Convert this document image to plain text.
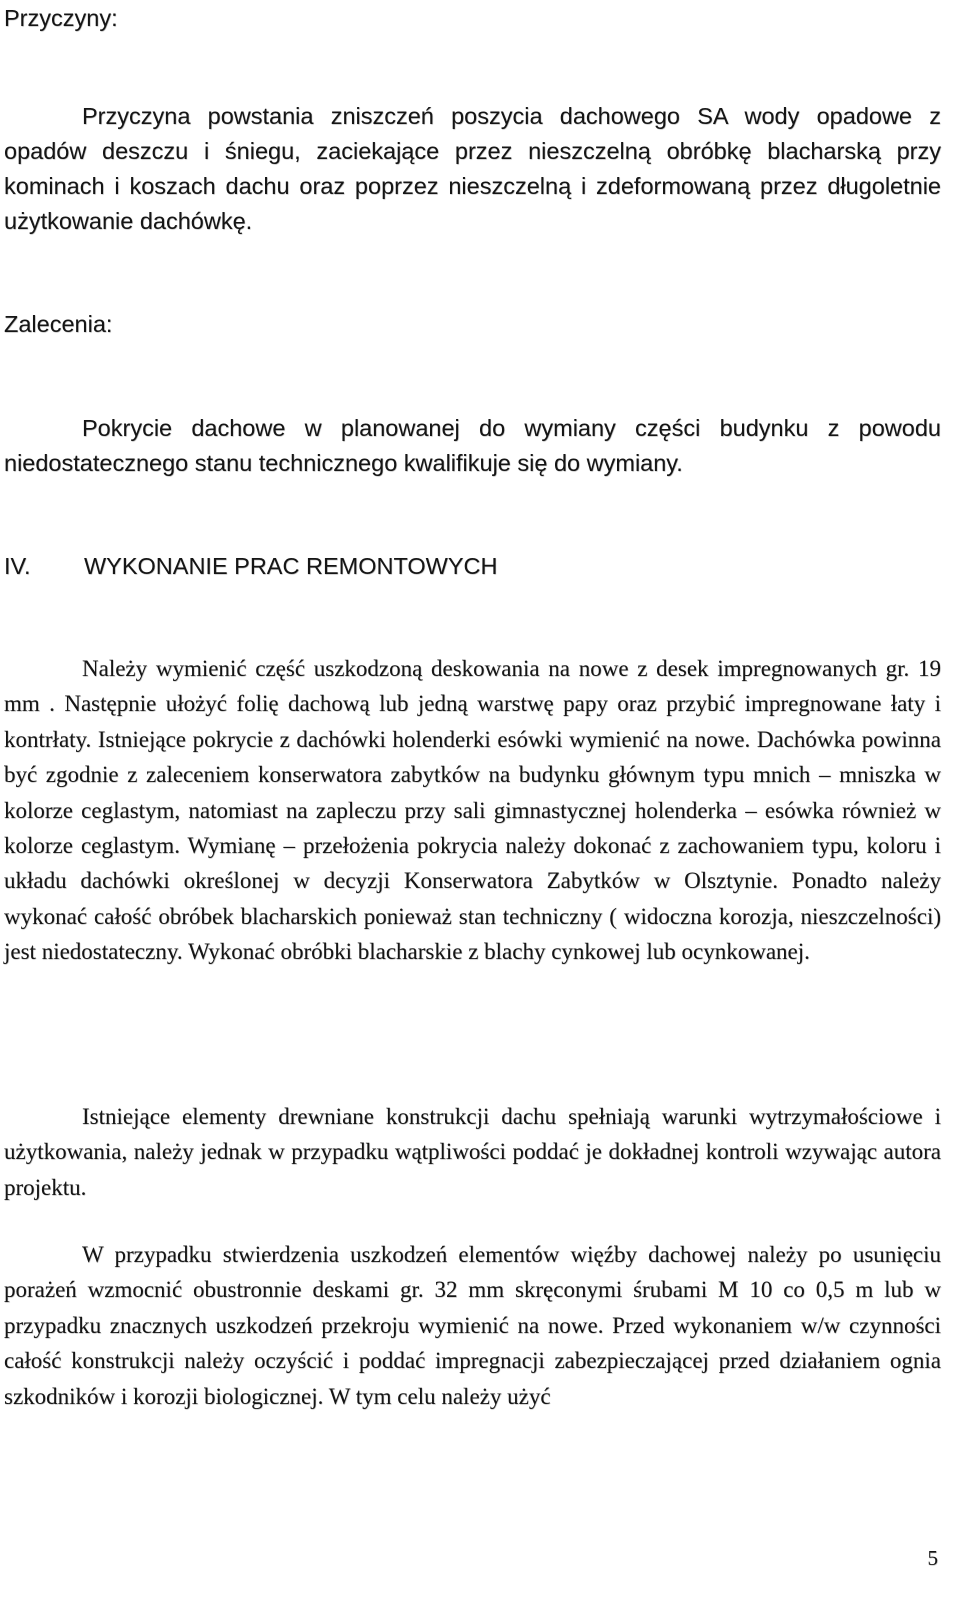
Przyczyny:

Przyczyna powstania zniszczeń poszycia dachowego SA wody opadowe z opadów deszczu i śniegu, zaciekające przez nieszczelną obróbkę blacharską przy kominach i koszach dachu oraz poprzez nieszczelną i zdeformowaną przez długoletnie użytkowanie dachówkę.

Zalecenia:

Pokrycie dachowe w planowanej do wymiany części budynku z powodu niedostatecznego stanu technicznego kwalifikuje się do wymiany.

IV. WYKONANIE PRAC REMONTOWYCH

Należy wymienić część uszkodzoną deskowania na nowe z desek impregnowanych gr. 19 mm . Następnie ułożyć folię dachową lub jedną warstwę papy oraz przybić impregnowane łaty i kontrłaty. Istniejące pokrycie z dachówki holenderki esówki wymienić na nowe. Dachówka powinna być zgodnie z zaleceniem konserwatora zabytków na budynku głównym typu mnich – mniszka w kolorze ceglastym, natomiast na zapleczu przy sali gimnastycznej holenderka – esówka również w kolorze ceglastym. Wymianę – przełożenia pokrycia należy dokonać z zachowaniem typu, koloru i układu dachówki określonej w decyzji Konserwatora Zabytków w Olsztynie. Ponadto należy wykonać całość obróbek blacharskich ponieważ stan techniczny ( widoczna korozja, nieszczelności) jest niedostateczny. Wykonać obróbki blacharskie z blachy cynkowej lub ocynkowanej.

Istniejące elementy drewniane konstrukcji dachu spełniają warunki wytrzymałościowe i użytkowania, należy jednak w przypadku wątpliwości poddać je dokładnej kontroli wzywając autora projektu.

W przypadku stwierdzenia uszkodzeń elementów więźby dachowej należy po usunięciu porażeń wzmocnić obustronnie deskami gr. 32 mm skręconymi śrubami M 10 co 0,5 m lub w przypadku znacznych uszkodzeń przekroju wymienić na nowe. Przed wykonaniem w/w czynności całość konstrukcji należy oczyścić i poddać impregnacji zabezpieczającej przed działaniem ognia szkodników i korozji biologicznej. W tym celu należy użyć

5
